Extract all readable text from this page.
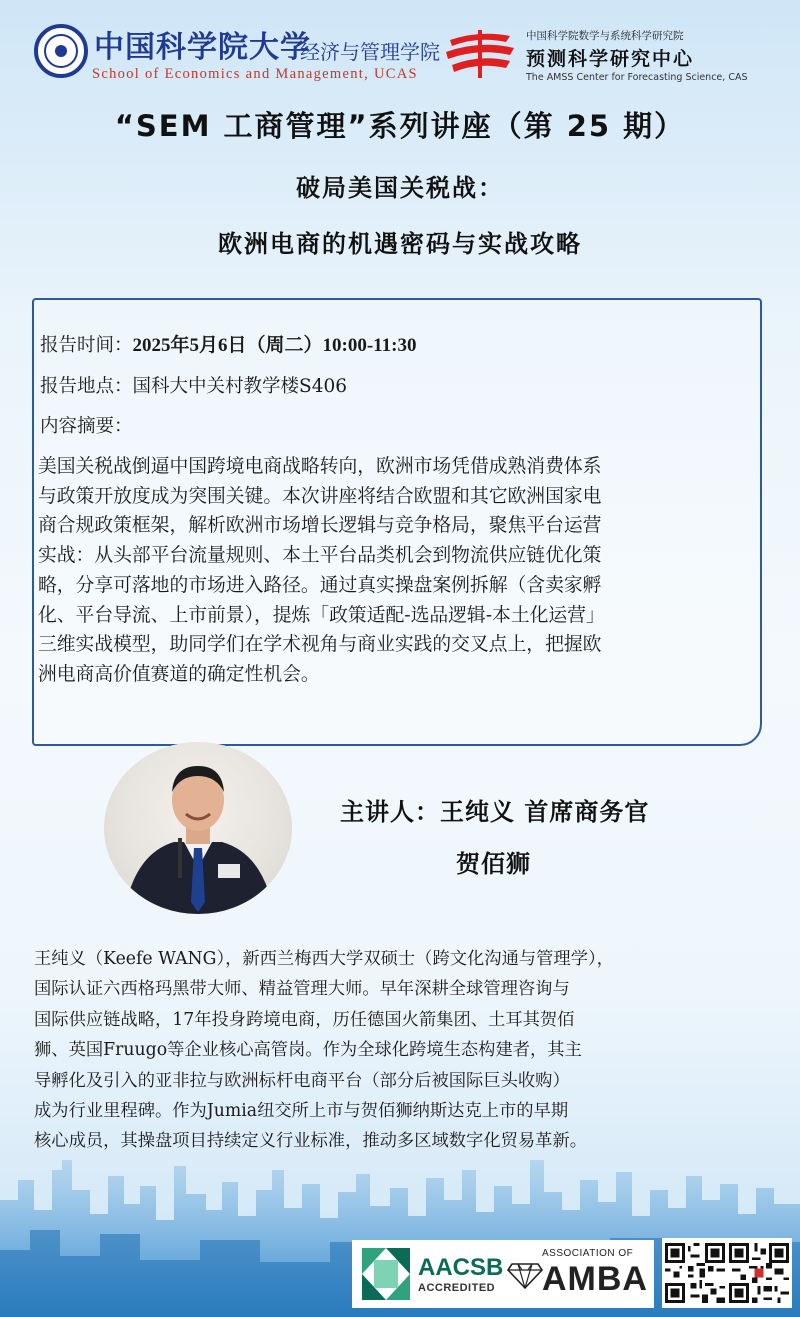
中国科学院大学
经济与管理学院
School of Economics and Management, UCAS
中国科学院数学与系统科学研究院
预测科学研究中心
The AMSS Center for Forecasting Science, CAS
“SEM 工商管理”系列讲座（第 25 期）
破局美国关税战：
欧洲电商的机遇密码与实战攻略
报告时间：2025年5月6日（周二）10:00-11:30
报告地点：国科大中关村教学楼S406
内容摘要：
美国关税战倒逼中国跨境电商战略转向，欧洲市场凭借成熟消费体系
与政策开放度成为突围关键。本次讲座将结合欧盟和其它欧洲国家电
商合规政策框架，解析欧洲市场增长逻辑与竞争格局，聚焦平台运营
实战：从头部平台流量规则、本土平台品类机会到物流供应链优化策
略，分享可落地的市场进入路径。通过真实操盘案例拆解（含卖家孵
化、平台导流、上市前景），提炼「政策适配-选品逻辑-本土化运营」
三维实战模型，助同学们在学术视角与商业实践的交叉点上，把握欧
洲电商高价值赛道的确定性机会。
主讲人：王纯义 首席商务官
贺佰狮
王纯义（Keefe WANG），新西兰梅西大学双硕士（跨文化沟通与管理学），
国际认证六西格玛黑带大师、精益管理大师。早年深耕全球管理咨询与
国际供应链战略，17年投身跨境电商，历任德国火箭集团、土耳其贺佰
狮、英国Fruugo等企业核心高管岗。作为全球化跨境生态构建者，其主
导孵化及引入的亚非拉与欧洲标杆电商平台（部分后被国际巨头收购）
成为行业里程碑。作为Jumia纽交所上市与贺佰狮纳斯达克上市的早期
核心成员，其操盘项目持续定义行业标准，推动多区域数字化贸易革新。
AACSB
ACCREDITED
ASSOCIATION OF
AMBA
